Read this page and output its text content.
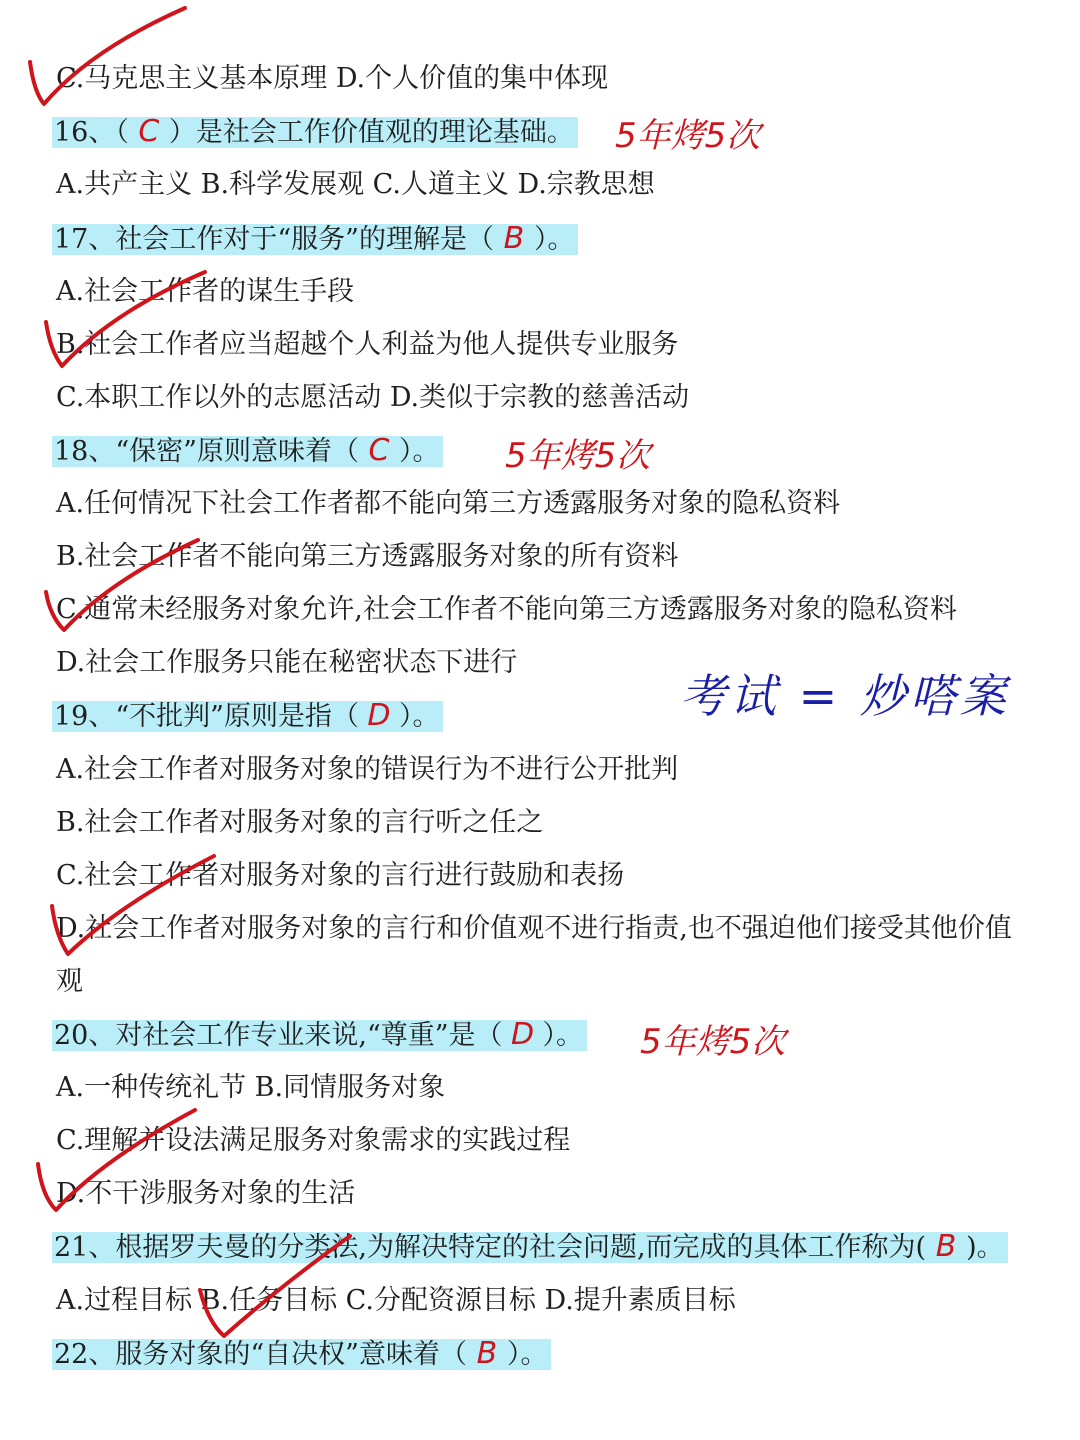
C.马克思主义基本原理 D.个人价值的集中体现
16、（ C ）是社会工作价值观的理论基础。
A.共产主义 B.科学发展观 C.人道主义 D.宗教思想
17、社会工作对于“服务”的理解是（ B ）。
A.社会工作者的谋生手段
B.社会工作者应当超越个人利益为他人提供专业服务
C.本职工作以外的志愿活动 D.类似于宗教的慈善活动
18、“保密”原则意味着（ C ）。
A.任何情况下社会工作者都不能向第三方透露服务对象的隐私资料
B.社会工作者不能向第三方透露服务对象的所有资料
C.通常未经服务对象允许,社会工作者不能向第三方透露服务对象的隐私资料
D.社会工作服务只能在秘密状态下进行
19、“不批判”原则是指（ D ）。
A.社会工作者对服务对象的错误行为不进行公开批判
B.社会工作者对服务对象的言行听之任之
C.社会工作者对服务对象的言行进行鼓励和表扬
D.社会工作者对服务对象的言行和价值观不进行指责,也不强迫他们接受其他价值
观
20、对社会工作专业来说,“尊重”是（ D ）。
A.一种传统礼节 B.同情服务对象
C.理解并设法满足服务对象需求的实践过程
D.不干涉服务对象的生活
21、根据罗夫曼的分类法,为解决特定的社会问题,而完成的具体工作称为( B )。
A.过程目标 B.任务目标 C.分配资源目标 D.提升素质目标
22、服务对象的“自决权”意味着（ B ）。
5年烤5次
5年烤5次
5年烤5次
考试 = 炒嗒案
